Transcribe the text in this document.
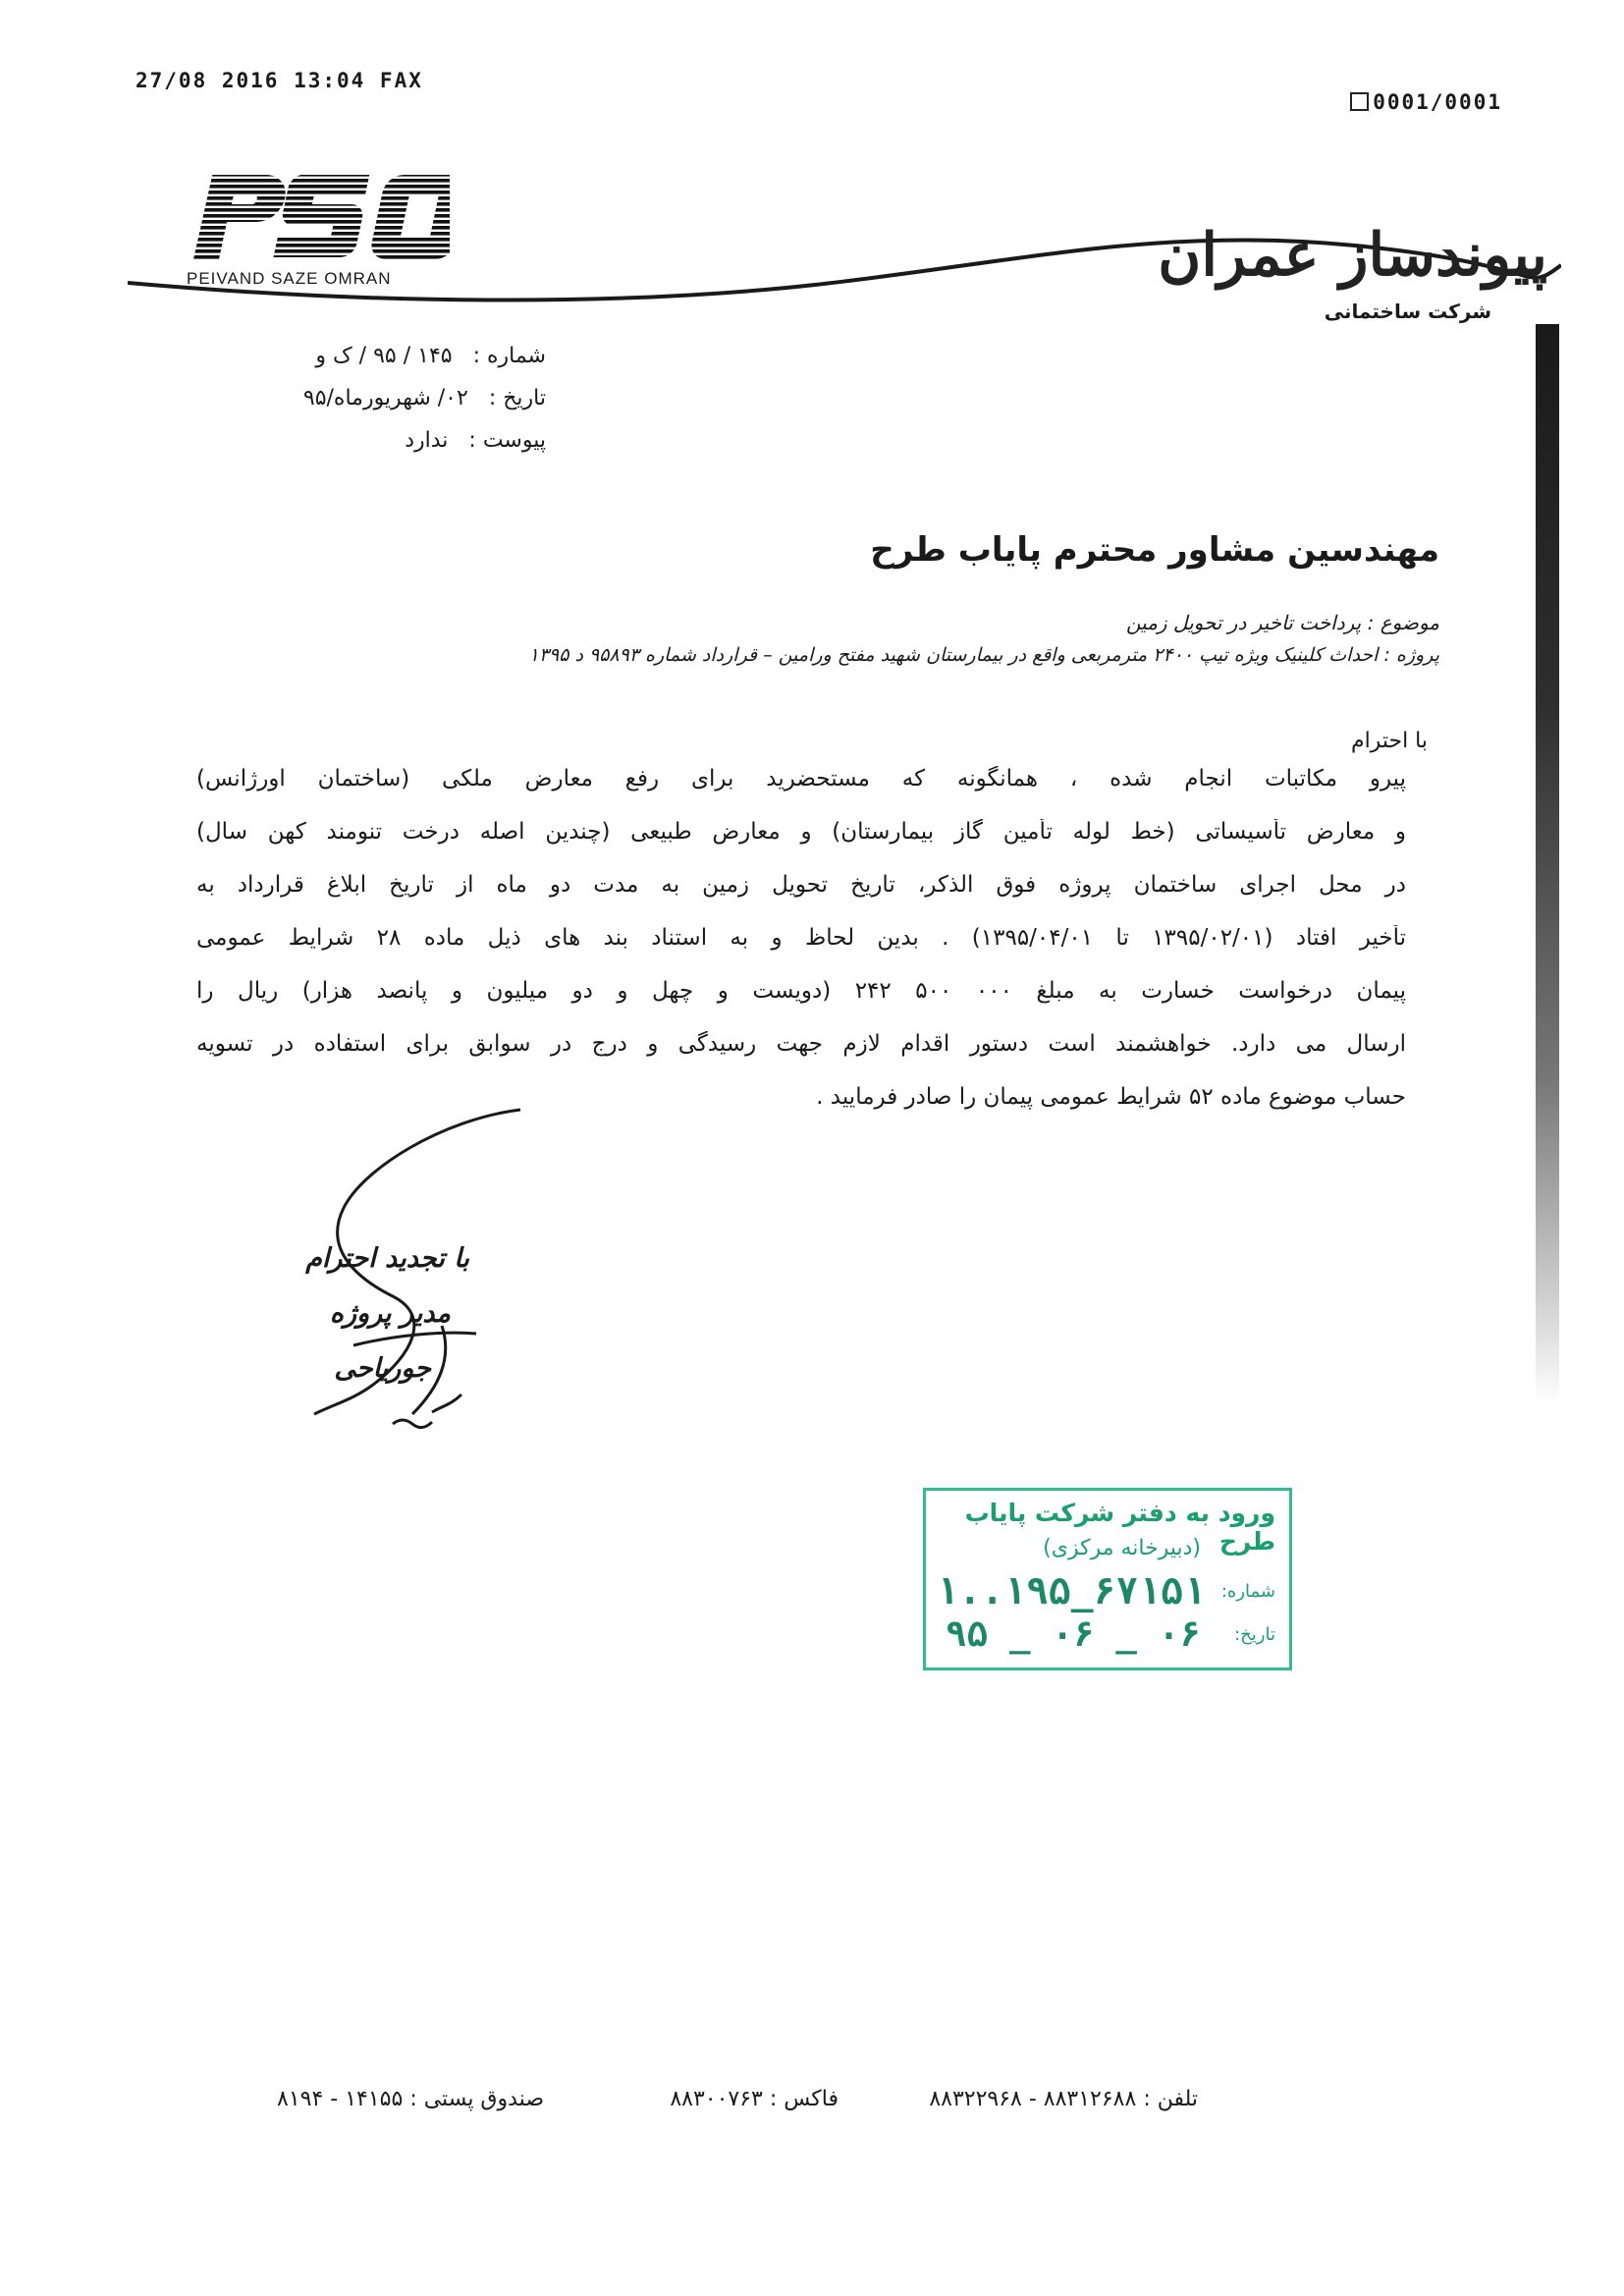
27/08 2016 13:04 FAX
0001/0001
PEIVAND SAZE OMRAN	پیوندساز عمران
شرکت ساختمانی
شماره : ۱۴۵ / ۹۵ / ک و
تاریخ : ۰۲/ شهریورماه/۹۵
پیوست : ندارد
مهندسین مشاور محترم پایاب طرح
موضوع : پرداخت تاخیر در تحویل زمین
پروژه : احداث کلینیک ویژه تیپ ۲۴۰۰ مترمربعی واقع در بیمارستان شهید مفتح ورامین – قرارداد شماره ۹۵۸۹۳ د ۱۳۹۵
با احترام
پیرو مکاتبات انجام شده ، همانگونه که مستحضرید برای رفع معارض ملکی (ساختمان اورژانس)
و معارض تأسیساتی (خط لوله تأمین گاز بیمارستان) و معارض طبیعی (چندین اصله درخت تنومند کهن سال)
در محل اجرای ساختمان پروژه فوق الذکر، تاریخ تحویل زمین به مدت دو ماه از تاریخ ابلاغ قرارداد به
تأخیر افتاد (۱۳۹۵/۰۲/۰۱ تا ۱۳۹۵/۰۴/۰۱) . بدین لحاظ و به استناد بند های ذیل ماده ۲۸ شرایط عمومی
پیمان درخواست خسارت به مبلغ ۰۰۰ ۵۰۰ ۲۴۲ (دویست و چهل و دو میلیون و پانصد هزار) ریال را
ارسال می دارد. خواهشمند است دستور اقدام لازم جهت رسیدگی و درج در سوابق برای استفاده در تسویه
حساب موضوع ماده ۵۲ شرایط عمومی پیمان را صادر فرمایید .
با تجدید احترام
مدیر پروژه
جوریاحی
ورود به دفتر شرکت پایاب طرح
(دبیرخانه مرکزی)
شماره:
۱..۱۹۵_۶۷۱۵۱
تاریخ:
۹۵ _ ۰۶ _ ۰۶
تلفن : ۸۸۳۱۲۶۸۸ - ۸۸۳۲۲۹۶۸
فاکس : ۸۸۳۰۰۷۶۳
صندوق پستی : ۱۴۱۵۵ - ۸۱۹۴
